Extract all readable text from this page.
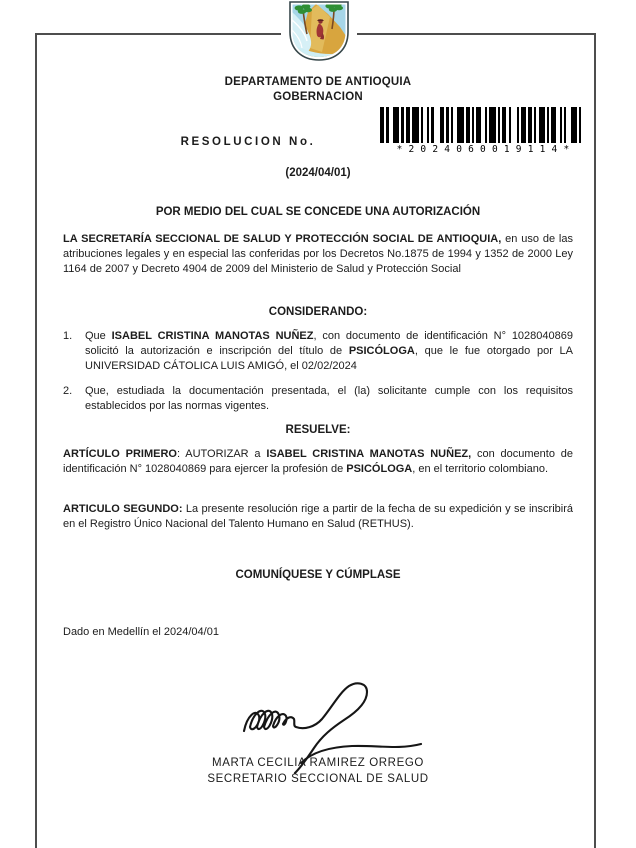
DEPARTAMENTO DE ANTIOQUIA
GOBERNACION
RESOLUCION No.
*2024060019114*
(2024/04/01)
POR MEDIO DEL CUAL SE CONCEDE UNA AUTORIZACIÓN

LA SECRETARÍA SECCIONAL DE SALUD Y PROTECCIÓN SOCIAL DE ANTIOQUIA, en uso de las atribuciones legales y en especial las conferidas por los Decretos No.1875 de 1994 y 1352 de 2000 Ley 1164 de 2007 y Decreto 4904 de 2009 del Ministerio de Salud y Protección Social

CONSIDERANDO:
1.	Que ISABEL CRISTINA MANOTAS NUÑEZ, con documento de identificación N° 1028040869 solicitó la autorización e inscripción del título de PSICÓLOGA, que le fue otorgado por LA UNIVERSIDAD CÁTOLICA LUIS AMIGÓ, el 02/02/2024
2.	Que, estudiada la documentación presentada, el (la) solicitante cumple con los requisitos establecidos por las normas vigentes.
RESUELVE:

ARTÍCULO PRIMERO: AUTORIZAR a ISABEL CRISTINA MANOTAS NUÑEZ, con documento de identificación N° 1028040869 para ejercer la profesión de PSICÓLOGA, en el territorio colombiano.

ARTICULO SEGUNDO: La presente resolución rige a partir de la fecha de su expedición y se inscribirá en el Registro Único Nacional del Talento Humano en Salud (RETHUS).

COMUNÍQUESE Y CÚMPLASE
Dado en Medellín el 2024/04/01
MARTA CECILIA RAMIREZ ORREGO
SECRETARIO SECCIONAL DE SALUD
